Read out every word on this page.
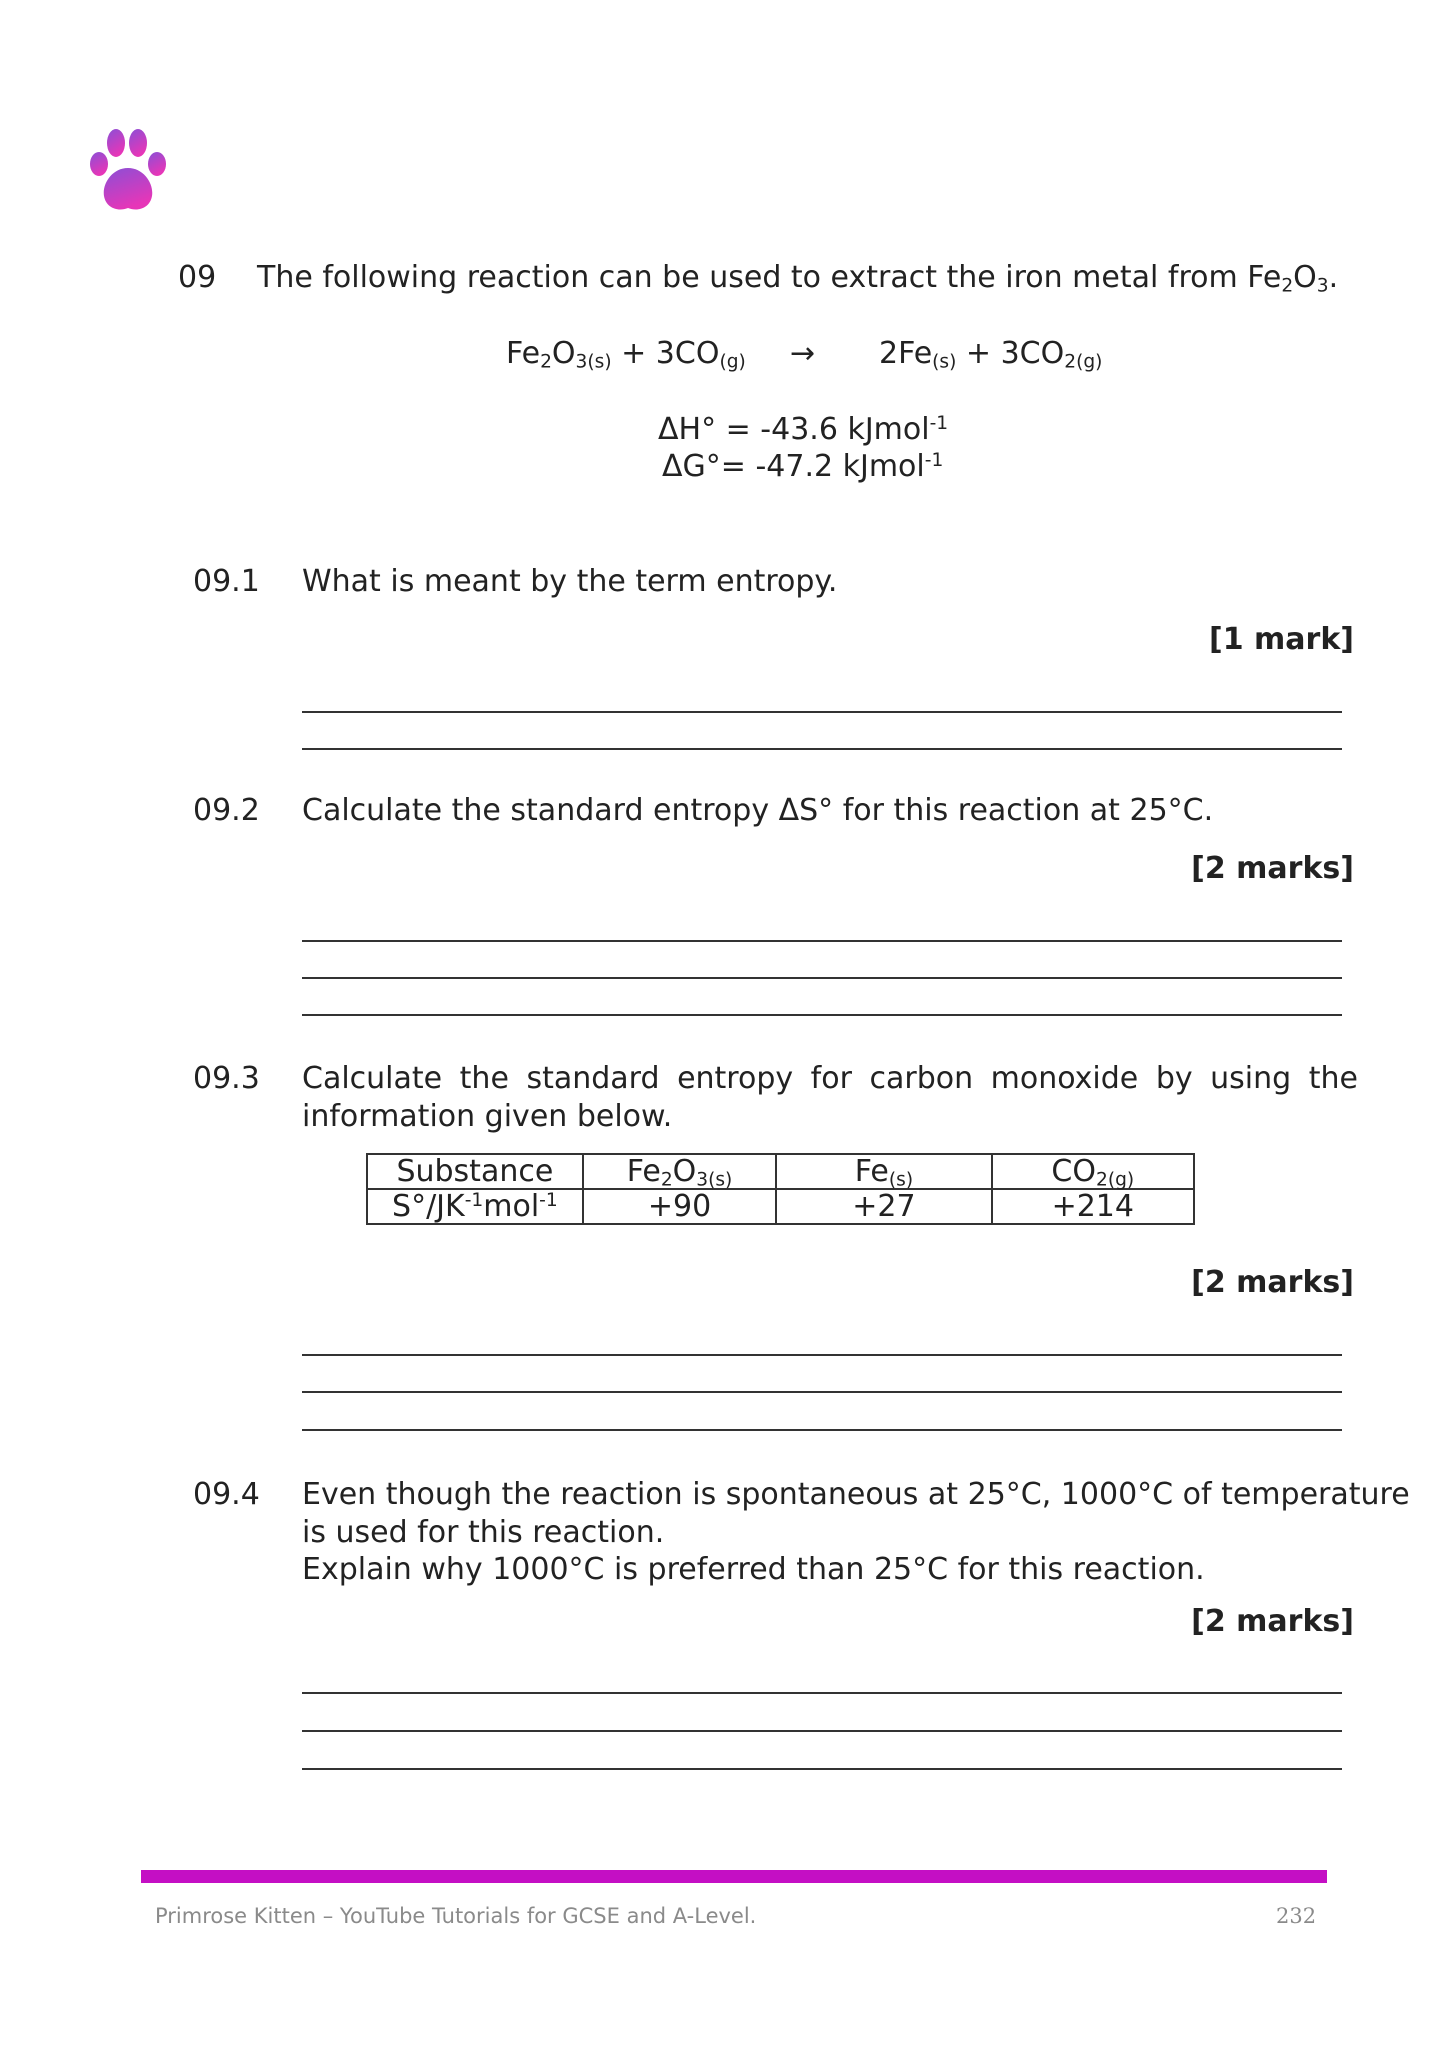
09 The following reaction can be used to extract the iron metal from $Fe_2O_3$.
$Fe_2O_{3(s)} + 3CO_{(g)} \to 2Fe_{(s)} + 3CO_{2(g)}$
ΔH° = -43.6 kJmol$^{-1}$
ΔG°= -47.2 kJmol$^{-1}$
09.1 What is meant by the term entropy.
[1 mark]
09.2 Calculate the standard entropy ΔS° for this reaction at 25°C.
[2 marks]
09.3 Calculate the standard entropy for carbon monoxide by using the
information given below.
Substance	$Fe_2O_{3(s)}$	$Fe_{(s)}$	$CO_{2(g)}$
$S^\circ/JK^{-1}mol^{-1}$	+90	+27	+214
[2 marks]
09.4 Even though the reaction is spontaneous at 25°C, 1000°C of temperature
is used for this reaction.
Explain why 1000°C is preferred than 25°C for this reaction.
[2 marks]
Primrose Kitten – YouTube Tutorials for GCSE and A-Level.	232
